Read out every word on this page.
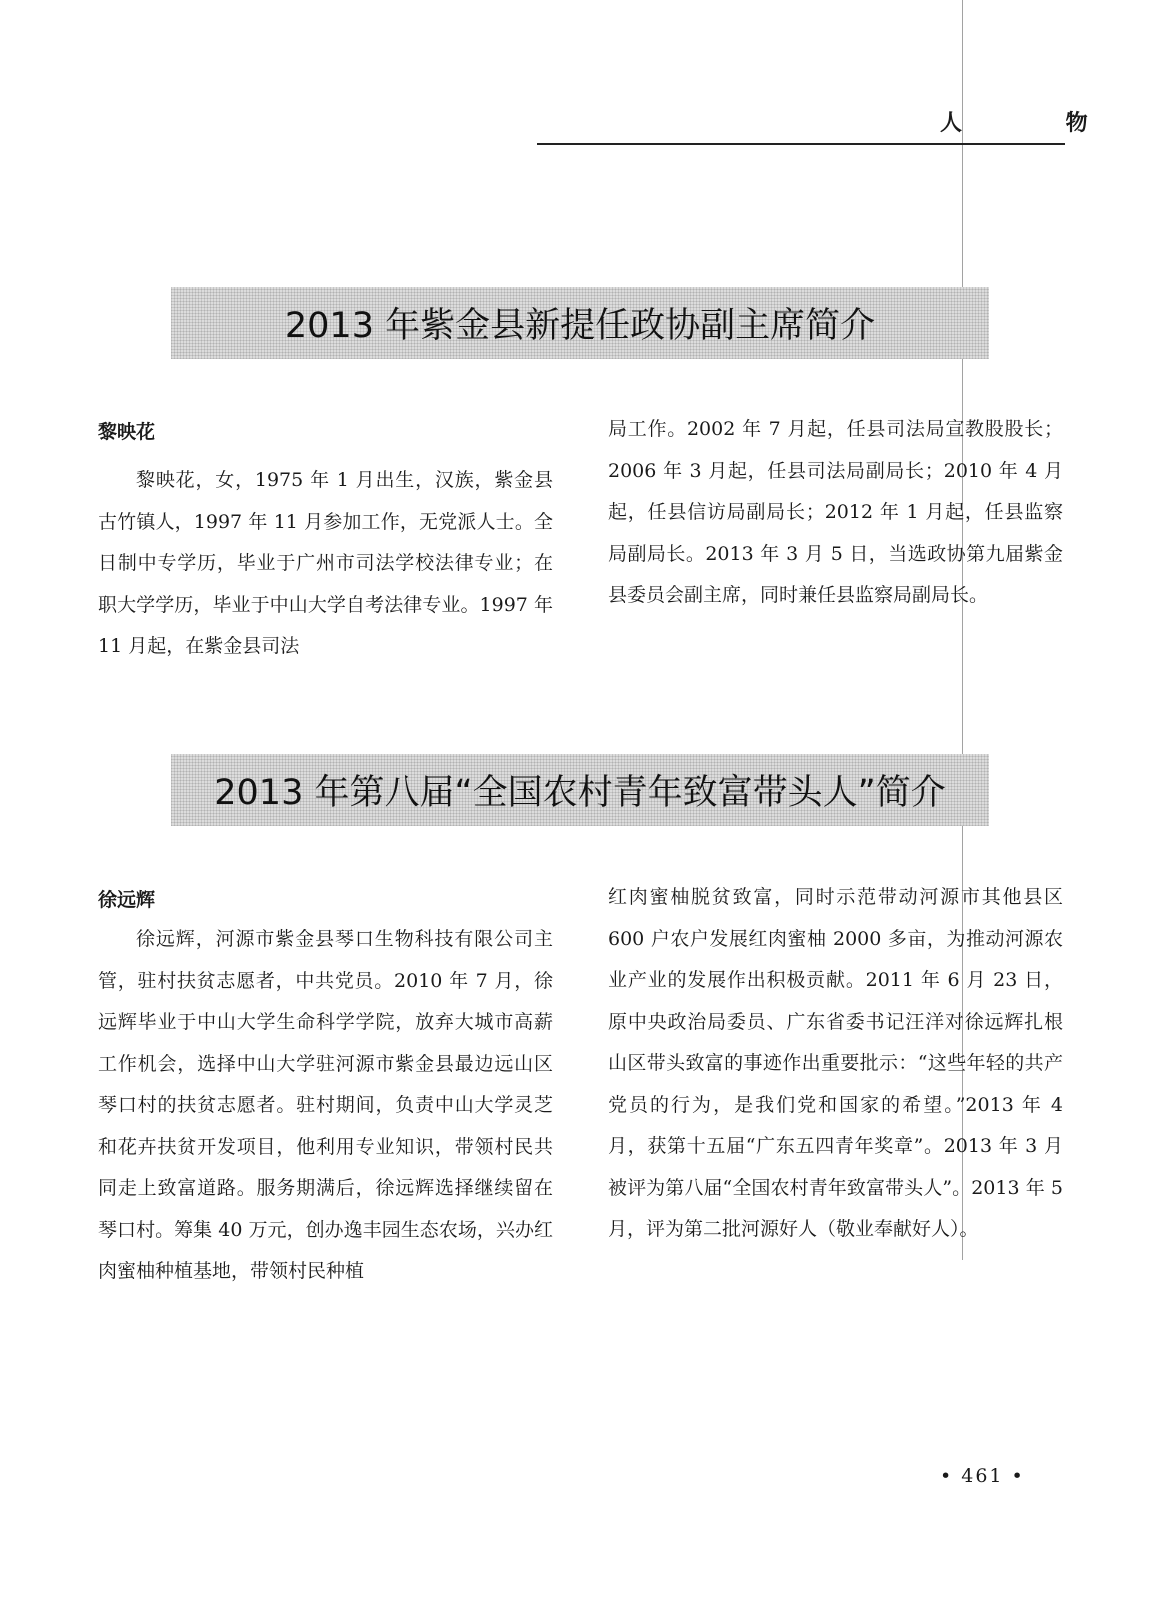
人 物
2013 年紫金县新提任政协副主席简介
黎映花

黎映花，女，1975 年 1 月出生，汉族，紫金县古竹镇人，1997 年 11 月参加工作，无党派人士。全日制中专学历，毕业于广州市司法学校法律专业；在职大学学历，毕业于中山大学自考法律专业。1997 年 11 月起，在紫金县司法

局工作。2002 年 7 月起，任县司法局宣教股股长；2006 年 3 月起，任县司法局副局长；2010 年 4 月起，任县信访局副局长；2012 年 1 月起，任县监察局副局长。2013 年 3 月 5 日，当选政协第九届紫金县委员会副主席，同时兼任县监察局副局长。

2013 年第八届“全国农村青年致富带头人”简介
徐远辉

徐远辉，河源市紫金县琴口生物科技有限公司主管，驻村扶贫志愿者，中共党员。2010 年 7 月，徐远辉毕业于中山大学生命科学学院，放弃大城市高薪工作机会，选择中山大学驻河源市紫金县最边远山区琴口村的扶贫志愿者。驻村期间，负责中山大学灵芝和花卉扶贫开发项目，他利用专业知识，带领村民共同走上致富道路。服务期满后，徐远辉选择继续留在琴口村。筹集 40 万元，创办逸丰园生态农场，兴办红肉蜜柚种植基地，带领村民种植

红肉蜜柚脱贫致富，同时示范带动河源市其他县区 600 户农户发展红肉蜜柚 2000 多亩，为推动河源农业产业的发展作出积极贡献。2011 年 6 月 23 日，原中央政治局委员、广东省委书记汪洋对徐远辉扎根山区带头致富的事迹作出重要批示：“这些年轻的共产党员的行为，是我们党和国家的希望。”2013 年 4 月，获第十五届“广东五四青年奖章”。2013 年 3 月被评为第八届“全国农村青年致富带头人”。2013 年 5 月，评为第二批河源好人（敬业奉献好人）。

• 461 •
